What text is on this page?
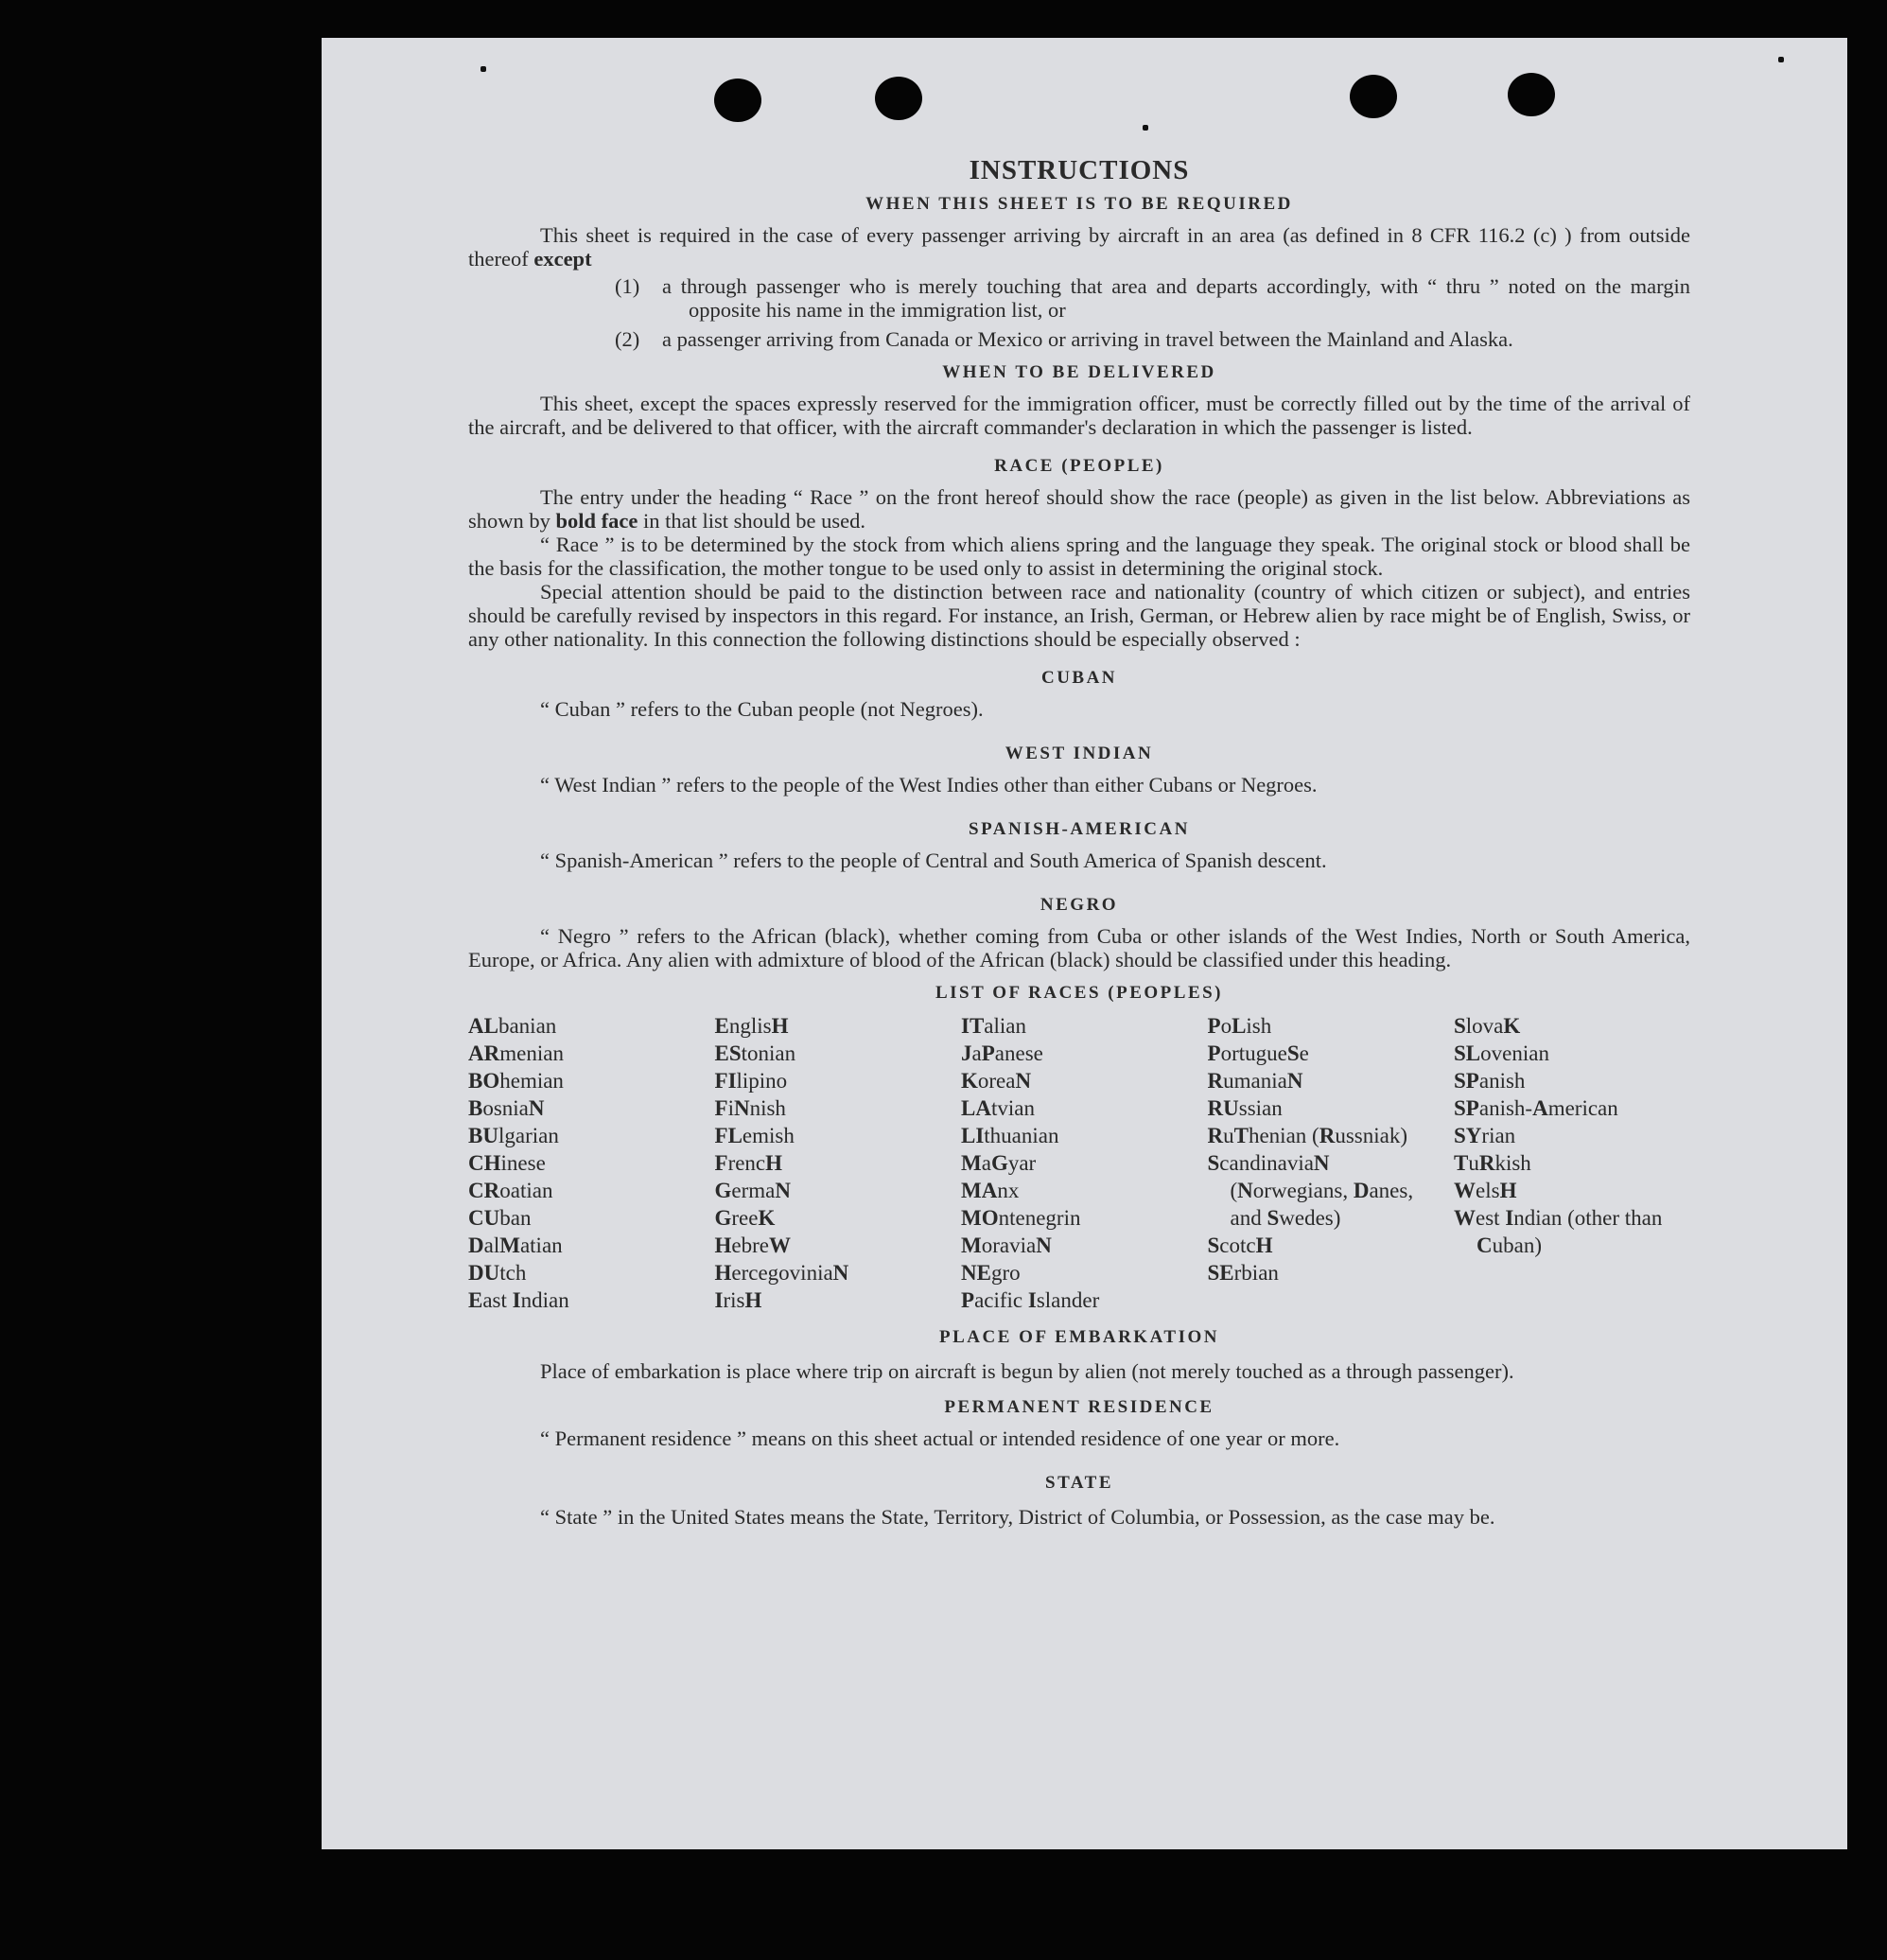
INSTRUCTIONS
WHEN THIS SHEET IS TO BE REQUIRED

This sheet is required in the case of every passenger arriving by aircraft in an area (as defined in 8 CFR 116.2 (c) ) from outside thereof except

(1)	a through passenger who is merely touching that area and departs accordingly, with “ thru ” noted on the margin opposite his name in the immigration list, or
(2)	a passenger arriving from Canada or Mexico or arriving in travel between the Mainland and Alaska.
WHEN TO BE DELIVERED

This sheet, except the spaces expressly reserved for the immigration officer, must be correctly filled out by the time of the arrival of the aircraft, and be delivered to that officer, with the aircraft commander's declaration in which the passenger is listed.

RACE (PEOPLE)

The entry under the heading “ Race ” on the front hereof should show the race (people) as given in the list below. Abbreviations as shown by bold face in that list should be used.

“ Race ” is to be determined by the stock from which aliens spring and the language they speak. The original stock or blood shall be the basis for the classification, the mother tongue to be used only to assist in determining the original stock.

Special attention should be paid to the distinction between race and nationality (country of which citizen or subject), and entries should be carefully revised by inspectors in this regard. For instance, an Irish, German, or Hebrew alien by race might be of English, Swiss, or any other nationality. In this connection the following distinctions should be especially observed :

CUBAN

“ Cuban ” refers to the Cuban people (not Negroes).

WEST INDIAN

“ West Indian ” refers to the people of the West Indies other than either Cubans or Negroes.

SPANISH-AMERICAN

“ Spanish-American ” refers to the people of Central and South America of Spanish descent.

NEGRO

“ Negro ” refers to the African (black), whether coming from Cuba or other islands of the West Indies, North or South America, Europe, or Africa. Any alien with admixture of blood of the African (black) should be classified under this heading.

LIST OF RACES (PEOPLES)
ALbanian
ARmenian
BOhemian
BosniaN
BUlgarian
CHinese
CRoatian
CUban
DalMatian
DUtch
East Indian
EnglisH
EStonian
FIlipino
FiNnish
FLemish
FrencH
GermaN
GreeK
HebreW
HercegoviniaN
IrisH
ITalian
JaPanese
KoreaN
LAtvian
LIthuanian
MaGyar
MAnx
MOntenegrin
MoraviaN
NEgro
Pacific Islander
PoLish
PortugueSe
RumaniaN
RUssian
RuThenian (Russniak)
ScandinaviaN (Norwegians, Danes, and Swedes)
ScotcH
SErbian
SlovaK
SLovenian
SPanish
SPanish-American
SYrian
TuRkish
WelsH
West Indian (other than Cuban)
PLACE OF EMBARKATION

Place of embarkation is place where trip on aircraft is begun by alien (not merely touched as a through passenger).

PERMANENT RESIDENCE

“ Permanent residence ” means on this sheet actual or intended residence of one year or more.

STATE

“ State ” in the United States means the State, Territory, District of Columbia, or Possession, as the case may be.
